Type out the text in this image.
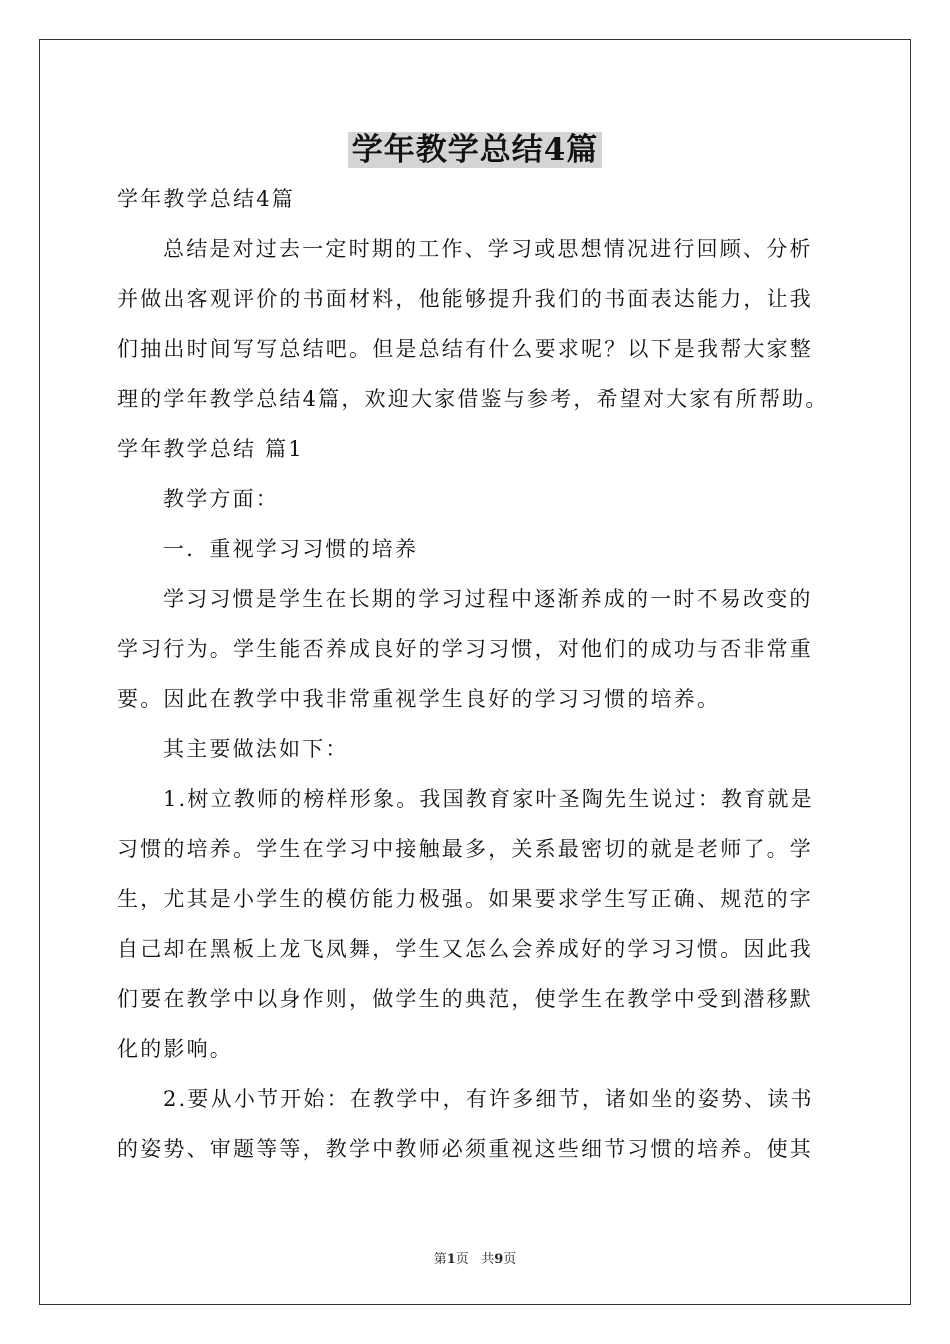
学年教学总结4篇
学年教学总结4篇
总结是对过去一定时期的工作、学习或思想情况进行回顾、分析
并做出客观评价的书面材料，他能够提升我们的书面表达能力，让我
们抽出时间写写总结吧。但是总结有什么要求呢？以下是我帮大家整
理的学年教学总结4篇，欢迎大家借鉴与参考，希望对大家有所帮助。
学年教学总结 篇1
教学方面：
一．重视学习习惯的培养
学习习惯是学生在长期的学习过程中逐渐养成的一时不易改变的
学习行为。学生能否养成良好的学习习惯，对他们的成功与否非常重
要。因此在教学中我非常重视学生良好的学习习惯的培养。
其主要做法如下：
1.树立教师的榜样形象。我国教育家叶圣陶先生说过：教育就是
习惯的培养。学生在学习中接触最多，关系最密切的就是老师了。学
生，尤其是小学生的模仿能力极强。如果要求学生写正确、规范的字
自己却在黑板上龙飞凤舞，学生又怎么会养成好的学习习惯。因此我
们要在教学中以身作则，做学生的典范，使学生在教学中受到潜移默
化的影响。
2.要从小节开始：在教学中，有许多细节，诸如坐的姿势、读书
的姿势、审题等等，教学中教师必须重视这些细节习惯的培养。使其
第1页 共9页
